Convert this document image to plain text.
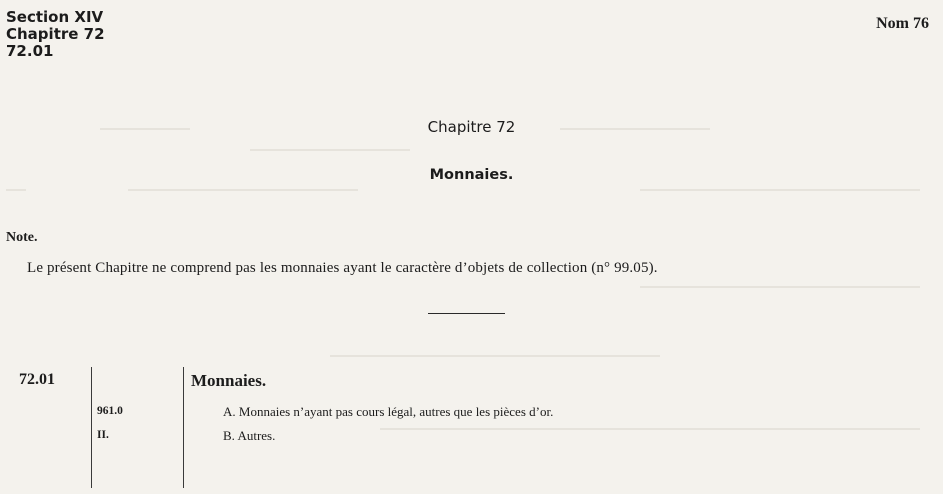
Section XIV
Chapitre 72
72.01
Nom 76
Chapitre 72
Monnaies.
Note.
Le présent Chapitre ne comprend pas les monnaies ayant le caractère d’objets de collection (n° 99.05).
72.01	Monnaies.
961.0	A. Monnaies n’ayant pas cours légal, autres que les pièces d’or.
II.	B. Autres.
